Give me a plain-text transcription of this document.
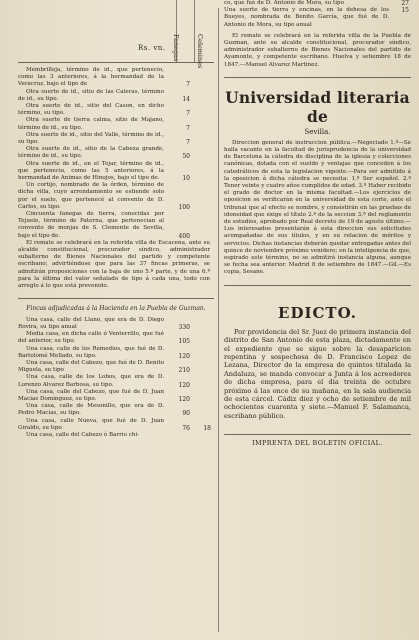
Rs. vn. Fanegas Celemines
Membrilleja, término de id., que pertenecio, como las 3 anteriores, á la hermandad de la Veracruz, bajo el tipo de	7
Otra suerte de id., sitio de las Caleras, término de id., su tipo.	14
Otra suerte de id., sitio del Cason, en dicho término, su tipo.	7
Otra suerte de tierra calma, sitio de Majano, término de id., su tipo.	7
Otra suerte de id., sitio del Valle, término de id., su tipo.	7
Otra suerte de id., sitio de la Cabeza grande, término de id., su tipo.	50
Otra suerte de id., en el Tejar, término de id., que pertenecio, como las 5 anteriores, á la hermandad de Animas de Hinojos, bajo el tipo de.	10
Un cortijo, nombrado de la órden, término de dicha villa, cuyo arrendamiento se estiende solo por el suelo, que pertenecé al convento de D. Carlos, su tipo.	100
Cincuenta fanegas de tierra, conocidas por Tejuelo, término de Paterna, que pertenecian al convento de monjas de S. Clemente de Sevilla, bajo el tipo de.	400
El remate se celebrará en la referida villa de Escacena, ante su alcalde constitucional, procurador síndico, administrador subalterno de Bienes Nacionales del partido y competente escribano; advirtiéndose que para las 37 fincas primeras, se admitirán proposiciones con la baja de uno 5.º parte, y de una 6.ª para la última del valor señalado de tipo á cada una, todo con arreglo á lo que está prevenido.
Fincas adjudicadas á la Hacienda en la Puebla de Guzman.
Una casa, calle del Llano, que era de D. Diego Rovira, su tipo anual	330
Media casa, en dicha calle ó Venterrillo, que fué del anterior, su tipo.	105
Una casa, calle de los Remedios, que fué de D. Bartolomé Mellado, su tipo.	120
Una casa, calle del Cabezo, que fué de D. Benito Miguela, su tipo	210
Una casa, calle de los Lobos, que era de D. Lorenzo Alvarez Barbosa, su tipo.	120
Una casa, calle del Cabezo, que fué de D. Juan Macias Dominguez, su tipo.	120
Una casa, calle de Mesonillo, que era de D. Pedro Macias, su tipo.	90
Una casa, calle Nueva, que fué de D. Juan Giraldo, su tipo	76 18
Una casa, calle del Cabezo ó Barrio chi-
co, que fué de D. Antonio de Mora, su tipo	27
Una suerte de tierra y encinas, en la dehesa de los Bueyes, nombrada de Benito García, que fué de D. Antonio de Mora, su tipo anual
15
El remate se celebrará en la referida villa de la Puebla de Guzman, ante su alcalde constitucional, procurador síndico, administrador subalterno de Bienes Nacionales del partido de Ayamonte, y competente escribano. Huelva y setiembre 18 de 1847.—Manuel Alvarez Martinez.
Universidad literaria de
Sevilla.
Direccion general de instruccion pública.—Negociado 1.º—Se halla vacante en la facultad de jurisprudencia de la universidad de Barcelona la cátedra de disciplina de la iglesia y colecciones canónicas, dotada con el sueldo y ventajas que conceden á los catedráticos de esta la legislacion vigente.—Para ser admitido á la oposicion á dicha cátedra se necesita: 1.º Ser español. 2.º Tener veinte y cuatro años cumplidos de edad. 3.º Haber recibido el grado de doctor en la misma facultad.—Los ejercicios de oposicion se verificarán en la universidad de esta corte, ante el tribunal que al efecto se nombre, y consistirán en las pruebas de idoneidad que exige el título 2.º de la seccion 3.ª del reglamento de estudios, aprobado por Real decreto de 19 de agosto último.—Los interesados presentarán á esta direccion sus solicitudes acompañadas de sus títulos, y en su relacion de méritos y servicios. Dichas instancias deberán quedar entregadas antes del quince de noviembre próximo venidero; en la inteligencia de que, espirado este término, no se admitirá instancia alguna, aunque se fecha sea anterior. Madrid 8 de setiembre de 1847.—Gil.—Es copia, Sesane.
EDICTO.
Por providencia del Sr. Juez de primera instancia del distrito de San Antonio de esta plaza, dictadamente en el expediente que se sigue sobre la desaparicion repentina y sospechosa de D. Francisco Lopez de Lezana, Director de la empresa de quintos titulada la Andaluza, se manda convocar a Junta á los acreedores de dicha empresa, para el dia treinta de octubre próximo á las once de su mañana, en la sala audiencia de esta cárcel. Cádiz diez y ocho de setiembre de mil ochocientos cuarenta y siete.—Manuel F. Salamanca, escribano público.
IMPRENTA DEL BOLETIN OFICIAL.
